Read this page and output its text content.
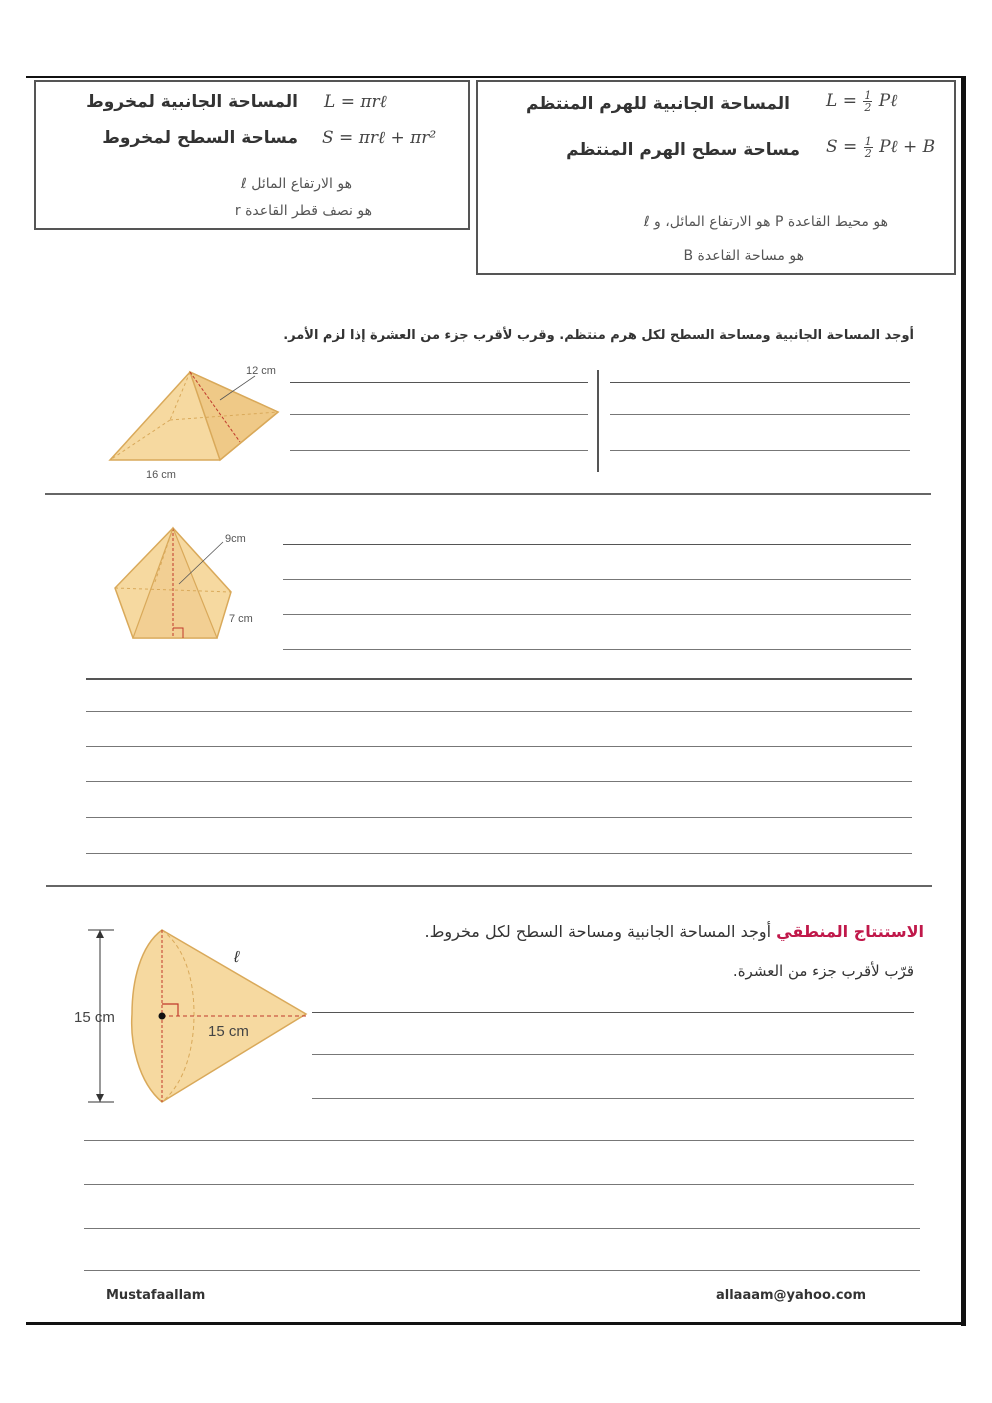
المساحة الجانبية لمخروط L = πrℓ
مساحة السطح لمخروط S = πrℓ + πr²
ℓ هو الارتفاع المائل
r هو نصف قطر القاعدة
المساحة الجانبية للهرم المنتظم $L = \frac{1}{2}$ Pℓ
مساحة سطح الهرم المنتظم $S = \frac{1}{2}$ Pℓ + B
ℓ هو الارتفاع المائل، و P هو محيط القاعدة
B هو مساحة القاعدة
أوجد المساحة الجانبية ومساحة السطح لكل هرم منتظم. وقرب لأقرب جزء من العشرة إذا لزم الأمر.
12 cm
16 cm
9cm
7 cm
الاستنتاج المنطقي أوجد المساحة الجانبية ومساحة السطح لكل مخروط.
قرّب لأقرب جزء من العشرة.
15 cm
15 cm
ℓ
Mustafaallam	allaaam@yahoo.com
